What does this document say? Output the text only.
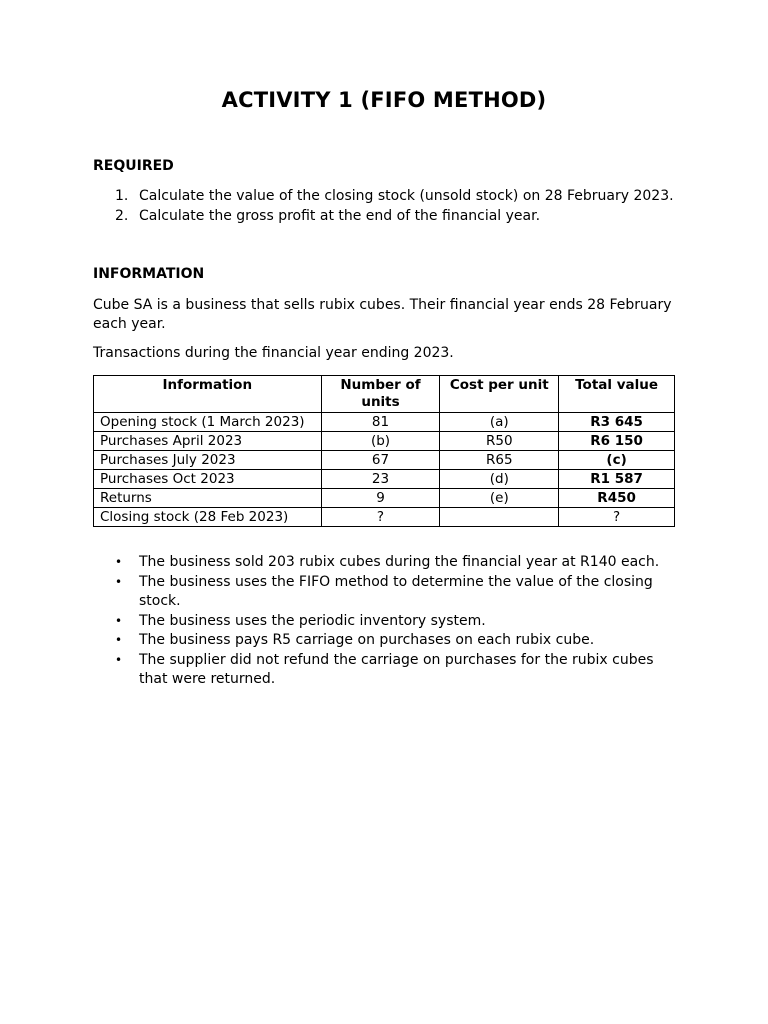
ACTIVITY 1 (FIFO METHOD)
REQUIRED
1. Calculate the value of the closing stock (unsold stock) on 28 February 2023.
2. Calculate the gross profit at the end of the financial year.
INFORMATION

Cube SA is a business that sells rubix cubes. Their financial year ends 28 February each year.

Transactions during the financial year ending 2023.

Information	Number of units	Cost per unit	Total value
Opening stock (1 March 2023)	81	(a)	R3 645
Purchases April 2023	(b)	R50	R6 150
Purchases July 2023	67	R65	(c)
Purchases Oct 2023	23	(d)	R1 587
Returns	9	(e)	R450
Closing stock (28 Feb 2023)	?		?
• The business sold 203 rubix cubes during the financial year at R140 each.
• The business uses the FIFO method to determine the value of the closing stock.
• The business uses the periodic inventory system.
• The business pays R5 carriage on purchases on each rubix cube.
• The supplier did not refund the carriage on purchases for the rubix cubes that were returned.
